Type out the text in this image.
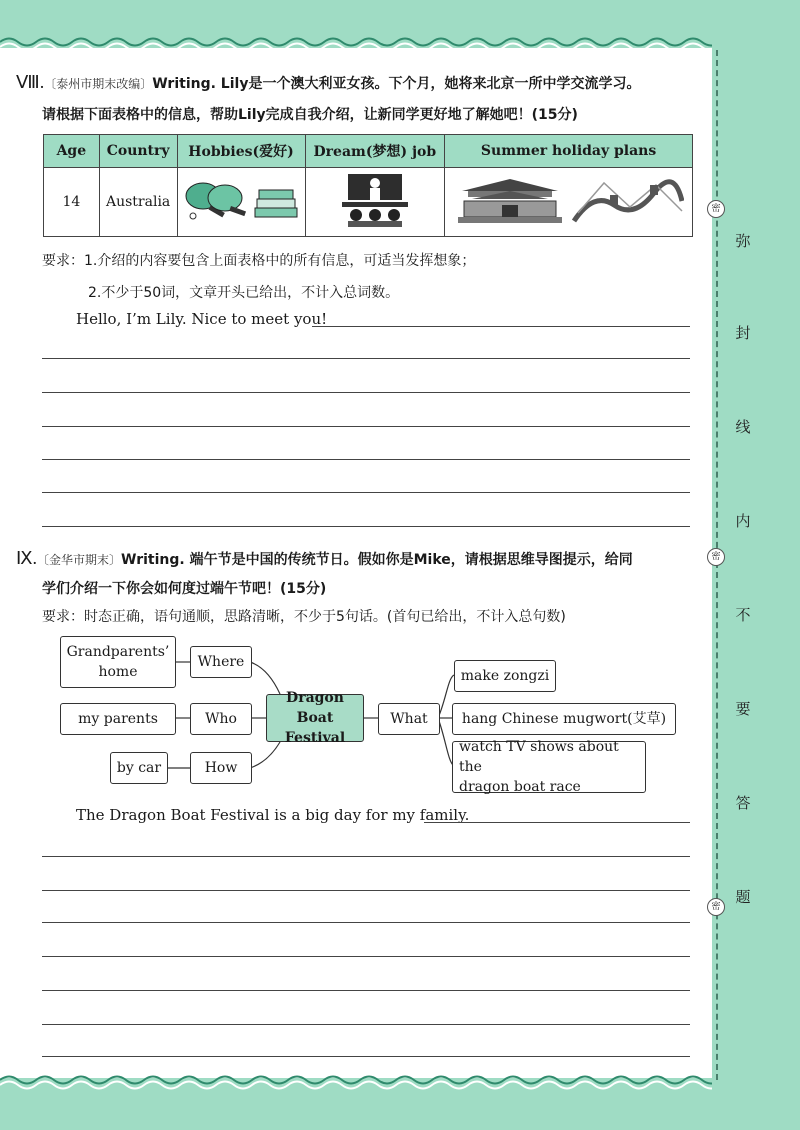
密
密
密
弥
封
线
内
不
要
答
题
Ⅷ.〔泰州市期末改编〕Writing. Lily是一个澳大利亚女孩。下个月，她将来北京一所中学交流学习。
请根据下面表格中的信息，帮助Lily完成自我介绍，让新同学更好地了解她吧！(15分)
Age	Country	Hobbies(爱好)	Dream(梦想) job	Summer holiday plans
14	Australia			
要求：1.介绍的内容要包含上面表格中的所有信息，可适当发挥想象；
2.不少于50词，文章开头已给出，不计入总词数。
Hello, I’m Lily. Nice to meet you!
Ⅸ.〔金华市期末〕Writing. 端午节是中国的传统节日。假如你是Mike，请根据思维导图提示，给同
学们介绍一下你会如何度过端午节吧！(15分)
要求：时态正确，语句通顺，思路清晰，不少于5句话。(首句已给出，不计入总句数)
Grandparents’
home
Where
my parents	Who
by car	How
Dragon Boat
Festival
What
make zongzi
hang Chinese mugwort(艾草)
watch TV shows about the
dragon boat race
The Dragon Boat Festival is a big day for my family.
